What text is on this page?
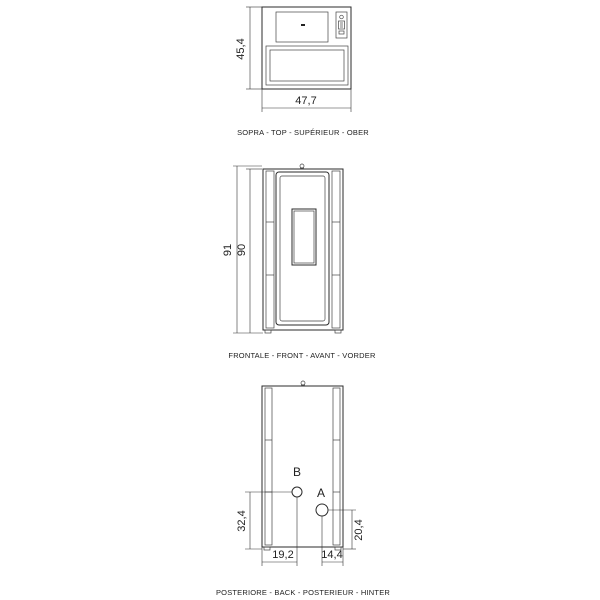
45,4
47,7
SOPRA - TOP - SUPÉRIEUR - OBER
91 90
FRONTALE - FRONT - AVANT - VORDER
B
A
32,4	20,4
19,2	14,4
POSTERIORE - BACK - POSTERIEUR - HINTER
